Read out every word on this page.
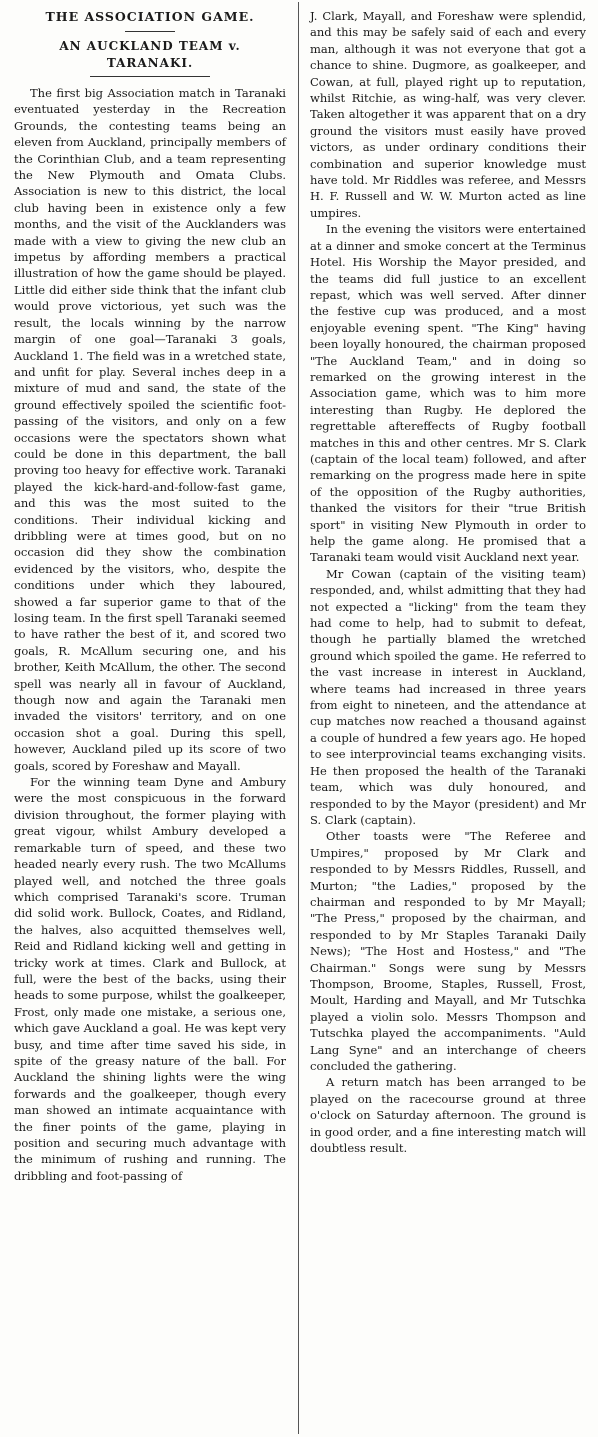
THE ASSOCIATION GAME.
AN AUCKLAND TEAM v. TARANAKI.

The first big Association match in Taranaki eventuated yesterday in the Recreation Grounds, the contesting teams being an eleven from Auckland, principally members of the Corinthian Club, and a team representing the New Plymouth and Omata Clubs. Association is new to this district, the local club having been in existence only a few months, and the visit of the Aucklanders was made with a view to giving the new club an impetus by affording members a practical illustration of how the game should be played. Little did either side think that the infant club would prove victorious, yet such was the result, the locals winning by the narrow margin of one goal—Taranaki 3 goals, Auckland 1. The field was in a wretched state, and unfit for play. Several inches deep in a mixture of mud and sand, the state of the ground effectively spoiled the scientific foot-passing of the visitors, and only on a few occasions were the spectators shown what could be done in this department, the ball proving too heavy for effective work. Taranaki played the kick-hard-and-follow-fast game, and this was the most suited to the conditions. Their individual kicking and dribbling were at times good, but on no occasion did they show the combination evidenced by the visitors, who, despite the conditions under which they laboured, showed a far superior game to that of the losing team. In the first spell Taranaki seemed to have rather the best of it, and scored two goals, R. McAllum securing one, and his brother, Keith McAllum, the other. The second spell was nearly all in favour of Auckland, though now and again the Taranaki men invaded the visitors' territory, and on one occasion shot a goal. During this spell, however, Auckland piled up its score of two goals, scored by Foreshaw and Mayall.

For the winning team Dyne and Ambury were the most conspicuous in the forward division throughout, the former playing with great vigour, whilst Ambury developed a remarkable turn of speed, and these two headed nearly every rush. The two McAllums played well, and notched the three goals which comprised Taranaki's score. Truman did solid work. Bullock, Coates, and Ridland, the halves, also acquitted themselves well, Reid and Ridland kicking well and getting in tricky work at times. Clark and Bullock, at full, were the best of the backs, using their heads to some purpose, whilst the goalkeeper, Frost, only made one mistake, a serious one, which gave Auckland a goal. He was kept very busy, and time after time saved his side, in spite of the greasy nature of the ball. For Auckland the shining lights were the wing forwards and the goalkeeper, though every man showed an intimate acquaintance with the finer points of the game, playing in position and securing much advantage with the minimum of rushing and running. The dribbling and foot-passing of

J. Clark, Mayall, and Foreshaw were splendid, and this may be safely said of each and every man, although it was not everyone that got a chance to shine. Dugmore, as goalkeeper, and Cowan, at full, played right up to reputation, whilst Ritchie, as wing-half, was very clever. Taken altogether it was apparent that on a dry ground the visitors must easily have proved victors, as under ordinary conditions their combination and superior knowledge must have told. Mr Riddles was referee, and Messrs H. F. Russell and W. W. Murton acted as line umpires.

In the evening the visitors were entertained at a dinner and smoke concert at the Terminus Hotel. His Worship the Mayor presided, and the teams did full justice to an excellent repast, which was well served. After dinner the festive cup was produced, and a most enjoyable evening spent. "The King" having been loyally honoured, the chairman proposed "The Auckland Team," and in doing so remarked on the growing interest in the Association game, which was to him more interesting than Rugby. He deplored the regrettable aftereffects of Rugby football matches in this and other centres. Mr S. Clark (captain of the local team) followed, and after remarking on the progress made here in spite of the opposition of the Rugby authorities, thanked the visitors for their "true British sport" in visiting New Plymouth in order to help the game along. He promised that a Taranaki team would visit Auckland next year.

Mr Cowan (captain of the visiting team) responded, and, whilst admitting that they had not expected a "licking" from the team they had come to help, had to submit to defeat, though he partially blamed the wretched ground which spoiled the game. He referred to the vast increase in interest in Auckland, where teams had increased in three years from eight to nineteen, and the attendance at cup matches now reached a thousand against a couple of hundred a few years ago. He hoped to see interprovincial teams exchanging visits. He then proposed the health of the Taranaki team, which was duly honoured, and responded to by the Mayor (president) and Mr S. Clark (captain).

Other toasts were "The Referee and Umpires," proposed by Mr Clark and responded to by Messrs Riddles, Russell, and Murton; "the Ladies," proposed by the chairman and responded to by Mr Mayall; "The Press," proposed by the chairman, and responded to by Mr Staples Taranaki Daily News); "The Host and Hostess," and "The Chairman." Songs were sung by Messrs Thompson, Broome, Staples, Russell, Frost, Moult, Harding and Mayall, and Mr Tutschka played a violin solo. Messrs Thompson and Tutschka played the accompaniments. "Auld Lang Syne" and an interchange of cheers concluded the gathering.

A return match has been arranged to be played on the racecourse ground at three o'clock on Saturday afternoon. The ground is in good order, and a fine interesting match will doubtless result.
